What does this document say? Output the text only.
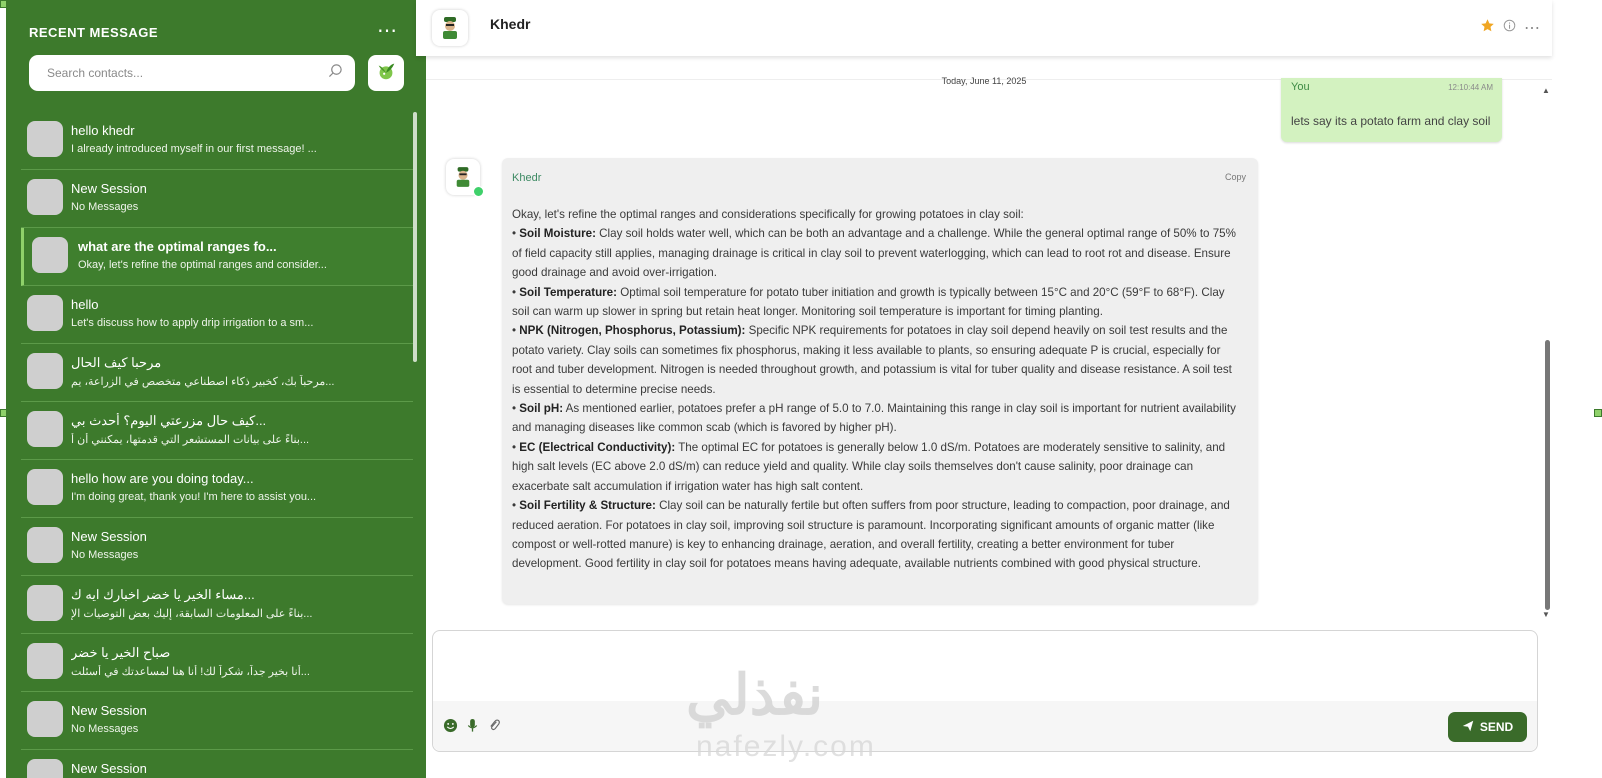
RECENT MESSAGE	⋯
Search contacts...
hello khedr
I already introduced myself in our first message! ...
New Session
No Messages
what are the optimal ranges fo...
Okay, let's refine the optimal ranges and consider...
hello
Let's discuss how to apply drip irrigation to a sm...
مرحبا كيف الحال
مرحباً بك، كخبير ذكاء اصطناعي متخصص في الزراعة، يم...
كيف حال مزرعتي اليوم؟ أحدث بي...
بناءً على بيانات المستشعر التي قدمتها، يمكنني أن أ...
hello how are you doing today...
I'm doing great, thank you! I'm here to assist you...
New Session
No Messages
مساء الخير يا خضر اخبارك ايه ك...
بناءً على المعلومات السابقة، إليك بعض التوصيات الإ...
صباح الخير يا خضر
أنا بخير جداً، شكراً لك! أنا هنا لمساعدتك في أسئلت...
New Session
No Messages
New Session
Khedr	⋯
Today, June 11, 2025	You	12:10:44 AM
lets say its a potato farm and clay soil
Khedr	Copy

Okay, let's refine the optimal ranges and considerations specifically for growing potatoes in clay soil:

• Soil Moisture: Clay soil holds water well, which can be both an advantage and a challenge. While the general optimal range of 50% to 75% of field capacity still applies, managing drainage is critical in clay soil to prevent waterlogging, which can lead to root rot and disease. Ensure good drainage and avoid over-irrigation.

• Soil Temperature: Optimal soil temperature for potato tuber initiation and growth is typically between 15°C and 20°C (59°F to 68°F). Clay soil can warm up slower in spring but retain heat longer. Monitoring soil temperature is important for timing planting.

• NPK (Nitrogen, Phosphorus, Potassium): Specific NPK requirements for potatoes in clay soil depend heavily on soil test results and the potato variety. Clay soils can sometimes fix phosphorus, making it less available to plants, so ensuring adequate P is crucial, especially for root and tuber development. Nitrogen is needed throughout growth, and potassium is vital for tuber quality and disease resistance. A soil test is essential to determine precise needs.

• Soil pH: As mentioned earlier, potatoes prefer a pH range of 5.0 to 7.0. Maintaining this range in clay soil is important for nutrient availability and managing diseases like common scab (which is favored by higher pH).

• EC (Electrical Conductivity): The optimal EC for potatoes is generally below 1.0 dS/m. Potatoes are moderately sensitive to salinity, and high salt levels (EC above 2.0 dS/m) can reduce yield and quality. While clay soils themselves don't cause salinity, poor drainage can exacerbate salt accumulation if irrigation water has high salt content.

• Soil Fertility & Structure: Clay soil can be naturally fertile but often suffers from poor structure, leading to compaction, poor drainage, and reduced aeration. For potatoes in clay soil, improving soil structure is paramount. Incorporating significant amounts of organic matter (like compost or well-rotted manure) is key to enhancing drainage, aeration, and overall fertility, creating a better environment for tuber development. Good fertility in clay soil for potatoes means having adequate, available nutrients combined with good physical structure.

▲
▼
SEND
نفذلي
nafezly.com
